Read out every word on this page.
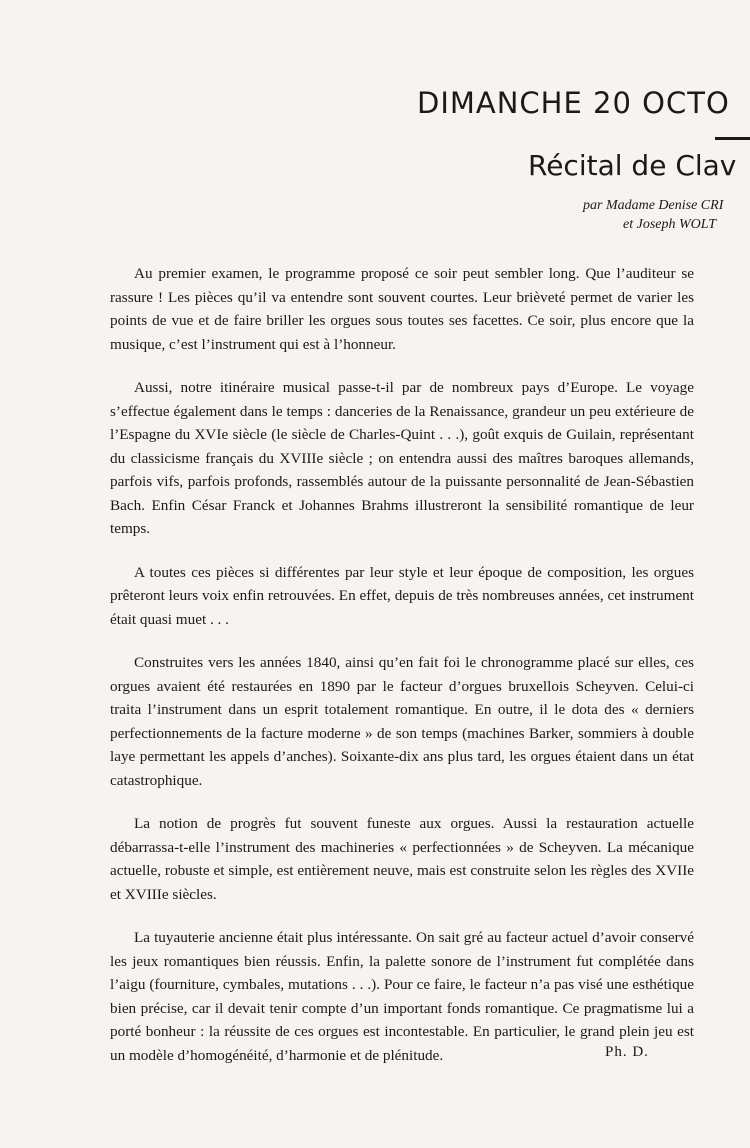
DIMANCHE 20 OCTO
Récital de Clav
par Madame Denise CRI
et Joseph WOLT

Au premier examen, le programme proposé ce soir peut sembler long. Que l’auditeur se rassure ! Les pièces qu’il va entendre sont souvent courtes. Leur brièveté permet de varier les points de vue et de faire briller les orgues sous toutes ses facettes. Ce soir, plus encore que la musique, c’est l’instrument qui est à l’honneur.

Aussi, notre itinéraire musical passe-t-il par de nombreux pays d’Europe. Le voyage s’effectue également dans le temps : danceries de la Renaissance, grandeur un peu extérieure de l’Espagne du XVIe siècle (le siècle de Charles-Quint . . .), goût exquis de Guilain, représentant du classicisme français du XVIIIe siècle ; on entendra aussi des maîtres baroques allemands, parfois vifs, parfois profonds, rassemblés autour de la puissante personnalité de Jean-Sébastien Bach. Enfin César Franck et Johannes Brahms illustreront la sensibilité romantique de leur temps.

A toutes ces pièces si différentes par leur style et leur époque de composition, les orgues prêteront leurs voix enfin retrouvées. En effet, depuis de très nombreuses années, cet instrument était quasi muet . . .

Construites vers les années 1840, ainsi qu’en fait foi le chronogramme placé sur elles, ces orgues avaient été restaurées en 1890 par le facteur d’orgues bruxellois Scheyven. Celui-ci traita l’instrument dans un esprit totalement romantique. En outre, il le dota des « derniers perfectionnements de la facture moderne » de son temps (machines Barker, sommiers à double laye permettant les appels d’anches). Soixante-dix ans plus tard, les orgues étaient dans un état catastrophique.

La notion de progrès fut souvent funeste aux orgues. Aussi la restauration actuelle débarrassa-t-elle l’instrument des machineries « perfectionnées » de Scheyven. La mécanique actuelle, robuste et simple, est entièrement neuve, mais est construite selon les règles des XVIIe et XVIIIe siècles.

La tuyauterie ancienne était plus intéressante. On sait gré au facteur actuel d’avoir conservé les jeux romantiques bien réussis. Enfin, la palette sonore de l’instrument fut complétée dans l’aigu (fourniture, cymbales, mutations . . .). Pour ce faire, le facteur n’a pas visé une esthétique bien précise, car il devait tenir compte d’un important fonds romantique. Ce pragmatisme lui a porté bonheur : la réussite de ces orgues est incontestable. En particulier, le grand plein jeu est un modèle d’homogénéité, d’harmonie et de plénitude.	Ph. D.
